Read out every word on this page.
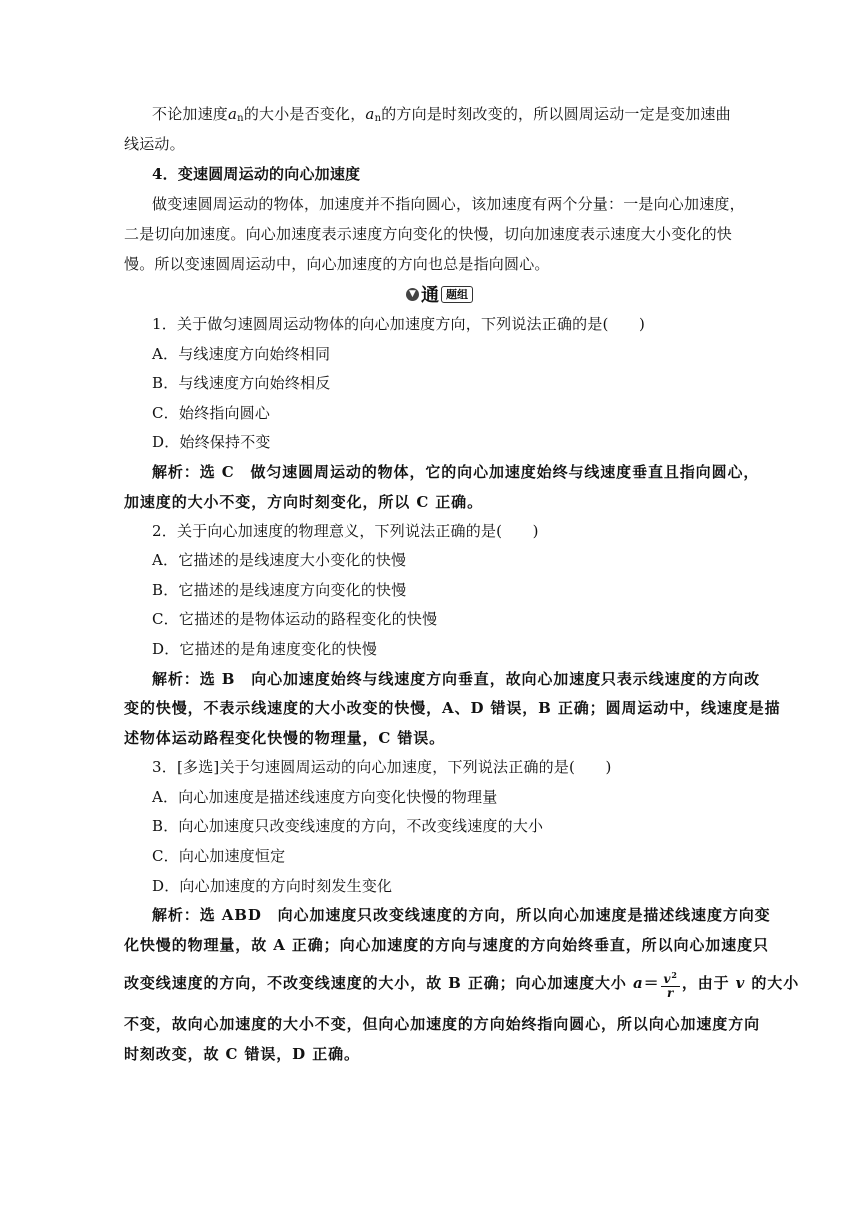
不论加速度$a_n$的大小是否变化，$a_n$的方向是时刻改变的，所以圆周运动一定是变加速曲
线运动。
4．变速圆周运动的向心加速度
做变速圆周运动的物体，加速度并不指向圆心，该加速度有两个分量：一是向心加速度，
二是切向加速度。向心加速度表示速度方向变化的快慢，切向加速度表示速度大小变化的快
慢。所以变速圆周运动中，向心加速度的方向也总是指向圆心。
▼ 通 题组
1．关于做匀速圆周运动物体的向心加速度方向，下列说法正确的是(　　)
A．与线速度方向始终相同
B．与线速度方向始终相反
C．始终指向圆心
D．始终保持不变
解析：选 C　做匀速圆周运动的物体，它的向心加速度始终与线速度垂直且指向圆心，
加速度的大小不变，方向时刻变化，所以 C 正确。
2．关于向心加速度的物理意义，下列说法正确的是(　　)
A．它描述的是线速度大小变化的快慢
B．它描述的是线速度方向变化的快慢
C．它描述的是物体运动的路程变化的快慢
D．它描述的是角速度变化的快慢
解析：选 B　向心加速度始终与线速度方向垂直，故向心加速度只表示线速度的方向改
变的快慢，不表示线速度的大小改变的快慢，A、D 错误，B 正确；圆周运动中，线速度是描
述物体运动路程变化快慢的物理量，C 错误。
3．[多选]关于匀速圆周运动的向心加速度，下列说法正确的是(　　)
A．向心加速度是描述线速度方向变化快慢的物理量
B．向心加速度只改变线速度的方向，不改变线速度的大小
C．向心加速度恒定
D．向心加速度的方向时刻发生变化
解析：选 ABD　向心加速度只改变线速度的方向，所以向心加速度是描述线速度方向变
化快慢的物理量，故 A 正确；向心加速度的方向与速度的方向始终垂直，所以向心加速度只
改变线速度的方向，不改变线速度的大小，故 B 正确；向心加速度大小 $a= \frac{v^2}{r}$ ，由于 v 的大小
不变，故向心加速度的大小不变，但向心加速度的方向始终指向圆心，所以向心加速度方向
时刻改变，故 C 错误，D 正确。
